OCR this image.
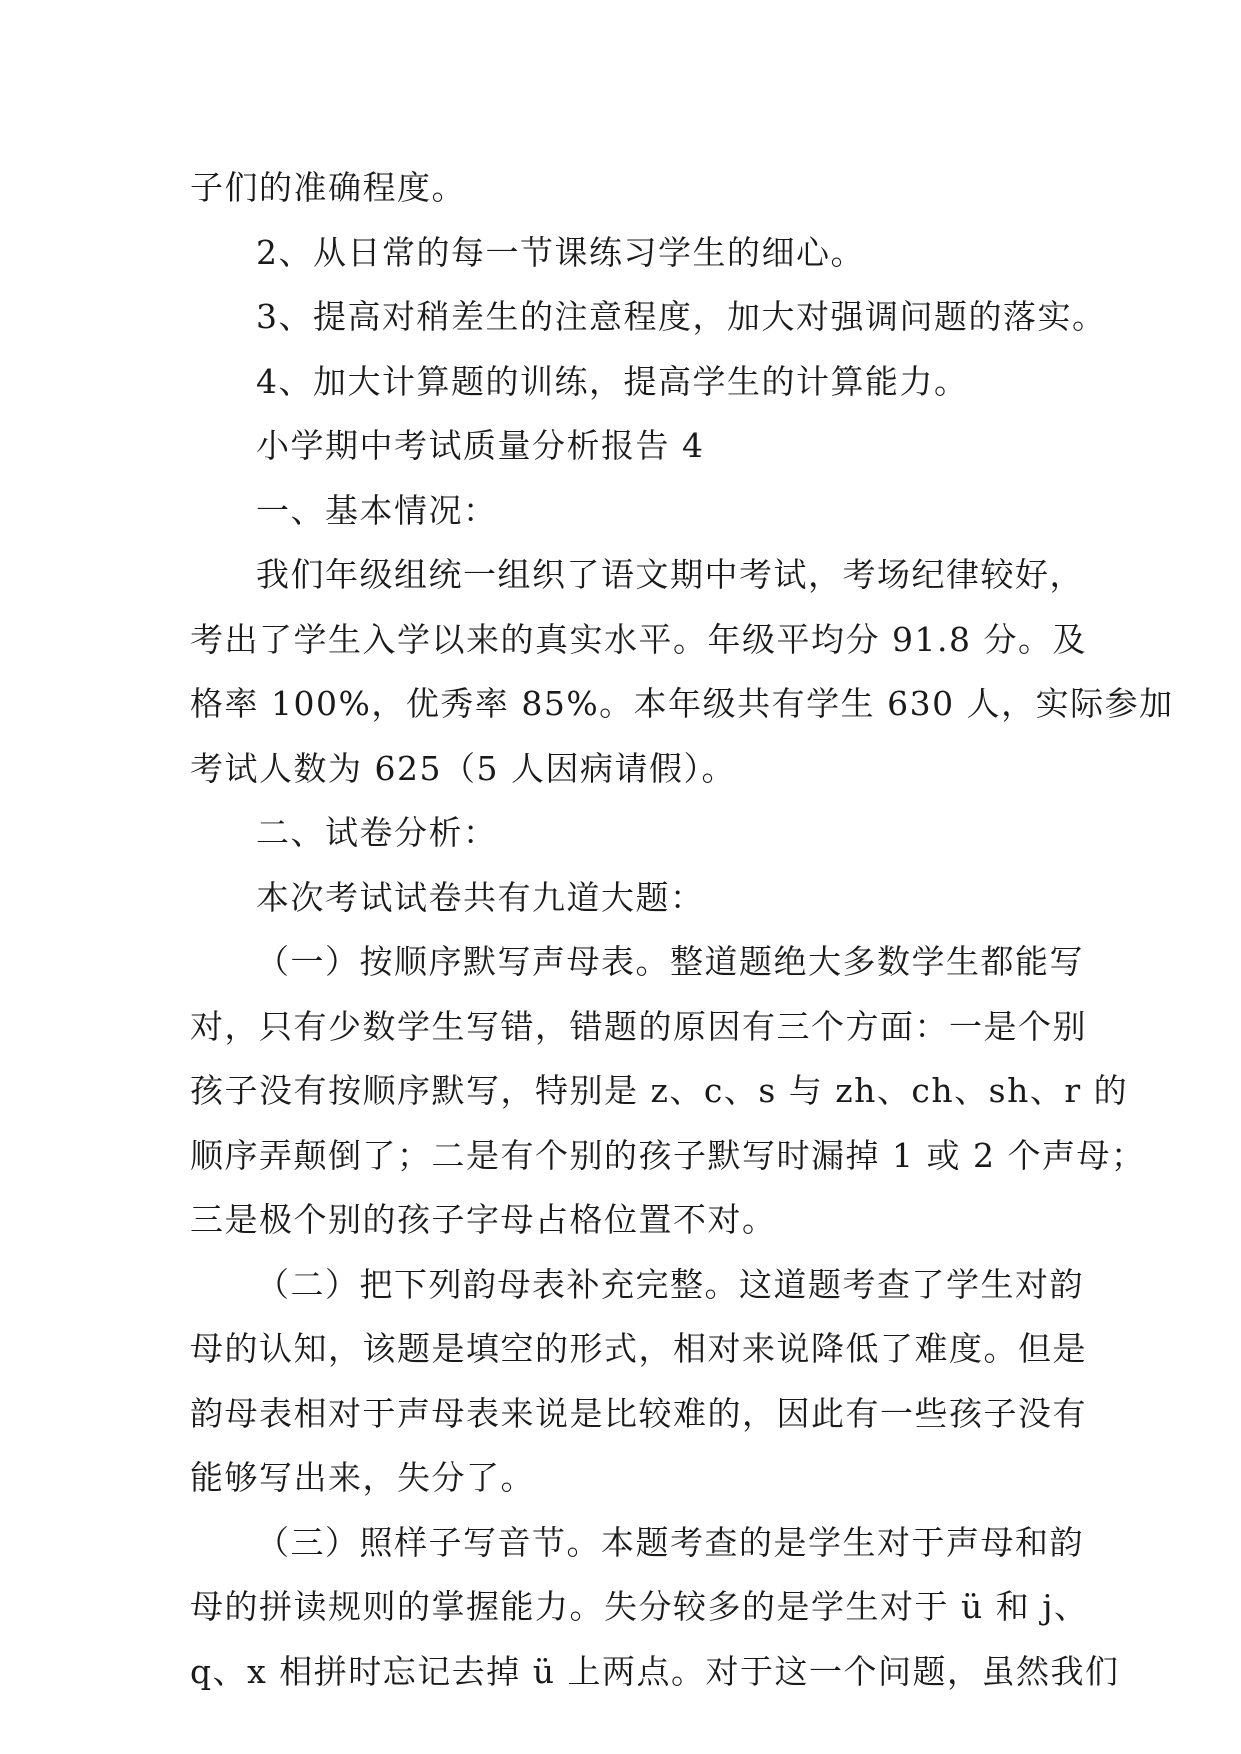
子们的准确程度。

2、从日常的每一节课练习学生的细心。

3、提高对稍差生的注意程度，加大对强调问题的落实。

4、加大计算题的训练，提高学生的计算能力。

小学期中考试质量分析报告 4

一、基本情况：

我们年级组统一组织了语文期中考试，考场纪律较好，

考出了学生入学以来的真实水平。年级平均分 91.8 分。及

格率 100%，优秀率 85%。本年级共有学生 630 人，实际参加

考试人数为 625（5 人因病请假）。

二、试卷分析：

本次考试试卷共有九道大题：

（一）按顺序默写声母表。整道题绝大多数学生都能写

对，只有少数学生写错，错题的原因有三个方面：一是个别

孩子没有按顺序默写，特别是 z、c、s 与 zh、ch、sh、r 的

顺序弄颠倒了；二是有个别的孩子默写时漏掉 1 或 2 个声母；

三是极个别的孩子字母占格位置不对。

（二）把下列韵母表补充完整。这道题考查了学生对韵

母的认知，该题是填空的形式，相对来说降低了难度。但是

韵母表相对于声母表来说是比较难的，因此有一些孩子没有

能够写出来，失分了。

（三）照样子写音节。本题考查的是学生对于声母和韵

母的拼读规则的掌握能力。失分较多的是学生对于 ü 和 j、

q、x 相拼时忘记去掉 ü 上两点。对于这一个问题，虽然我们
